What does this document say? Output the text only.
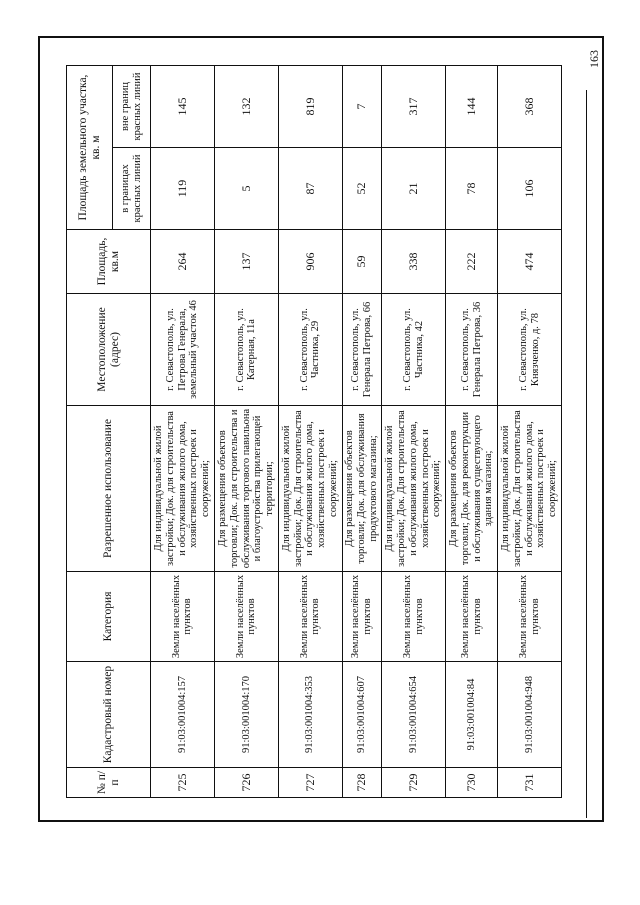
163
№ п/п	Кадастровый номер	Категория	Разрешенное использование	Местоположение (адрес)	Площадь, кв.м	Площадь земельного участка, кв. м	
						в границах красных линий	вне границ красных линий
725	91:03:001004:157	Земли населённых пунктов	Для индивидуальной жилой застройки; Док. для строительства и обслуживания жилого дома, хозяйственных построек и сооружений;	г. Севастополь, ул. Петрова Генерала, земельный участок 46	264	119	145
726	91:03:001004:170	Земли населённых пунктов	Для размещения объектов торговли; Док. для строительства и обслуживания торгового павильона и благоустройства прилегающей территории;	г. Севастополь, ул. Катерная, 11а	137	5	132
727	91:03:001004:353	Земли населённых пунктов	Для индивидуальной жилой застройки; Док. Для строительства и обслуживания жилого дома, хозяйственных построек и сооружений;	г. Севастополь, ул. Частника, 29	906	87	819
728	91:03:001004:607	Земли населённых пунктов	Для размещения объектов торговли; Док. для обслуживания продуктового магазина;	г. Севастополь, ул. Генерала Петрова, 66	59	52	7
729	91:03:001004:654	Земли населённых пунктов	Для индивидуальной жилой застройки; Док. Для строительства и обслуживания жилого дома, хозяйственных построек и сооружений;	г. Севастополь, ул. Частника, 42	338	21	317
730	91:03:001004:84	Земли населённых пунктов	Для размещения объектов торговли; Док. для реконструкции и обслуживания существующего здания магазина;	г. Севастополь, ул. Генерала Петрова, 36	222	78	144
731	91:03:001004:948	Земли населённых пунктов	Для индивидуальной жилой застройки; Док. Для строительства и обслуживания жилого дома, хозяйственных построек и сооружений;	г. Севастополь, ул. Князченко, д. 78	474	106	368
